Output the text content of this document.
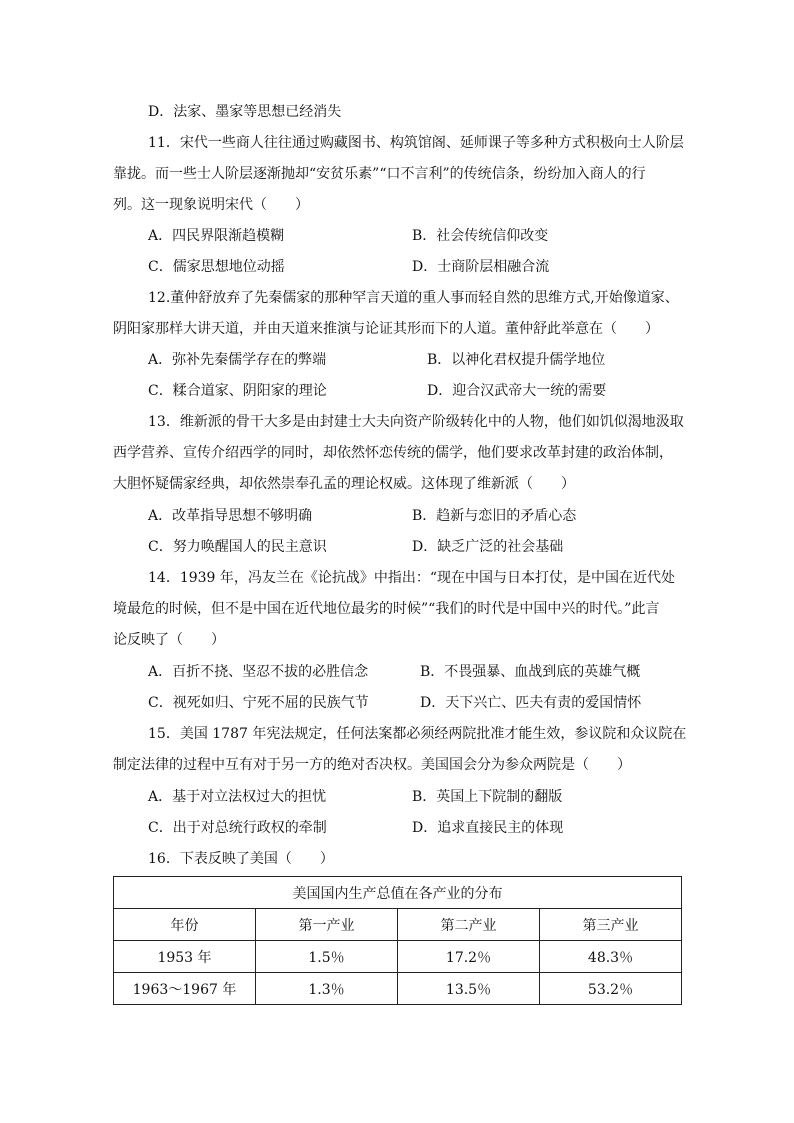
D．法家、墨家等思想已经消失
11．宋代一些商人往往通过购藏图书、构筑馆阁、延师课子等多种方式积极向士人阶层
靠拢。而一些士人阶层逐渐抛却“安贫乐素”“口不言利”的传统信条，纷纷加入商人的行
列。这一现象说明宋代（　　）
A．四民界限渐趋模糊	B．社会传统信仰改变
C．儒家思想地位动摇	D．士商阶层相融合流
12.董仲舒放弃了先秦儒家的那种罕言天道的重人事而轻自然的思维方式,开始像道家、
阴阳家那样大讲天道，并由天道来推演与论证其形而下的人道。董仲舒此举意在（　　）
A．弥补先秦儒学存在的弊端	B．以神化君权提升儒学地位
C．糅合道家、阴阳家的理论	D．迎合汉武帝大一统的需要
13．维新派的骨干大多是由封建士大夫向资产阶级转化中的人物，他们如饥似渴地汲取
西学营养、宣传介绍西学的同时，却依然怀恋传统的儒学，他们要求改革封建的政治体制，
大胆怀疑儒家经典，却依然崇奉孔孟的理论权威。这体现了维新派（　　）
A．改革指导思想不够明确	B．趋新与恋旧的矛盾心态
C．努力唤醒国人的民主意识	D．缺乏广泛的社会基础
14．1939 年，冯友兰在《论抗战》中指出：“现在中国与日本打仗，是中国在近代处
境最危的时候，但不是中国在近代地位最劣的时候”“我们的时代是中国中兴的时代。”此言
论反映了（　　）
A．百折不挠、坚忍不拔的必胜信念	B．不畏强暴、血战到底的英雄气概
C．视死如归、宁死不屈的民族气节	D．天下兴亡、匹夫有责的爱国情怀
15．美国 1787 年宪法规定，任何法案都必须经两院批准才能生效，参议院和众议院在
制定法律的过程中互有对于另一方的绝对否决权。美国国会分为参众两院是（　　）
A．基于对立法权过大的担忧	B．英国上下院制的翻版
C．出于对总统行政权的牵制	D．追求直接民主的体现
16．下表反映了美国（　　）
美国国内生产总值在各产业的分布			
年份	第一产业	第二产业	第三产业
1953 年	1.5％	17.2％	48.3％
1963～1967 年	1.3％	13.5％	53.2％
